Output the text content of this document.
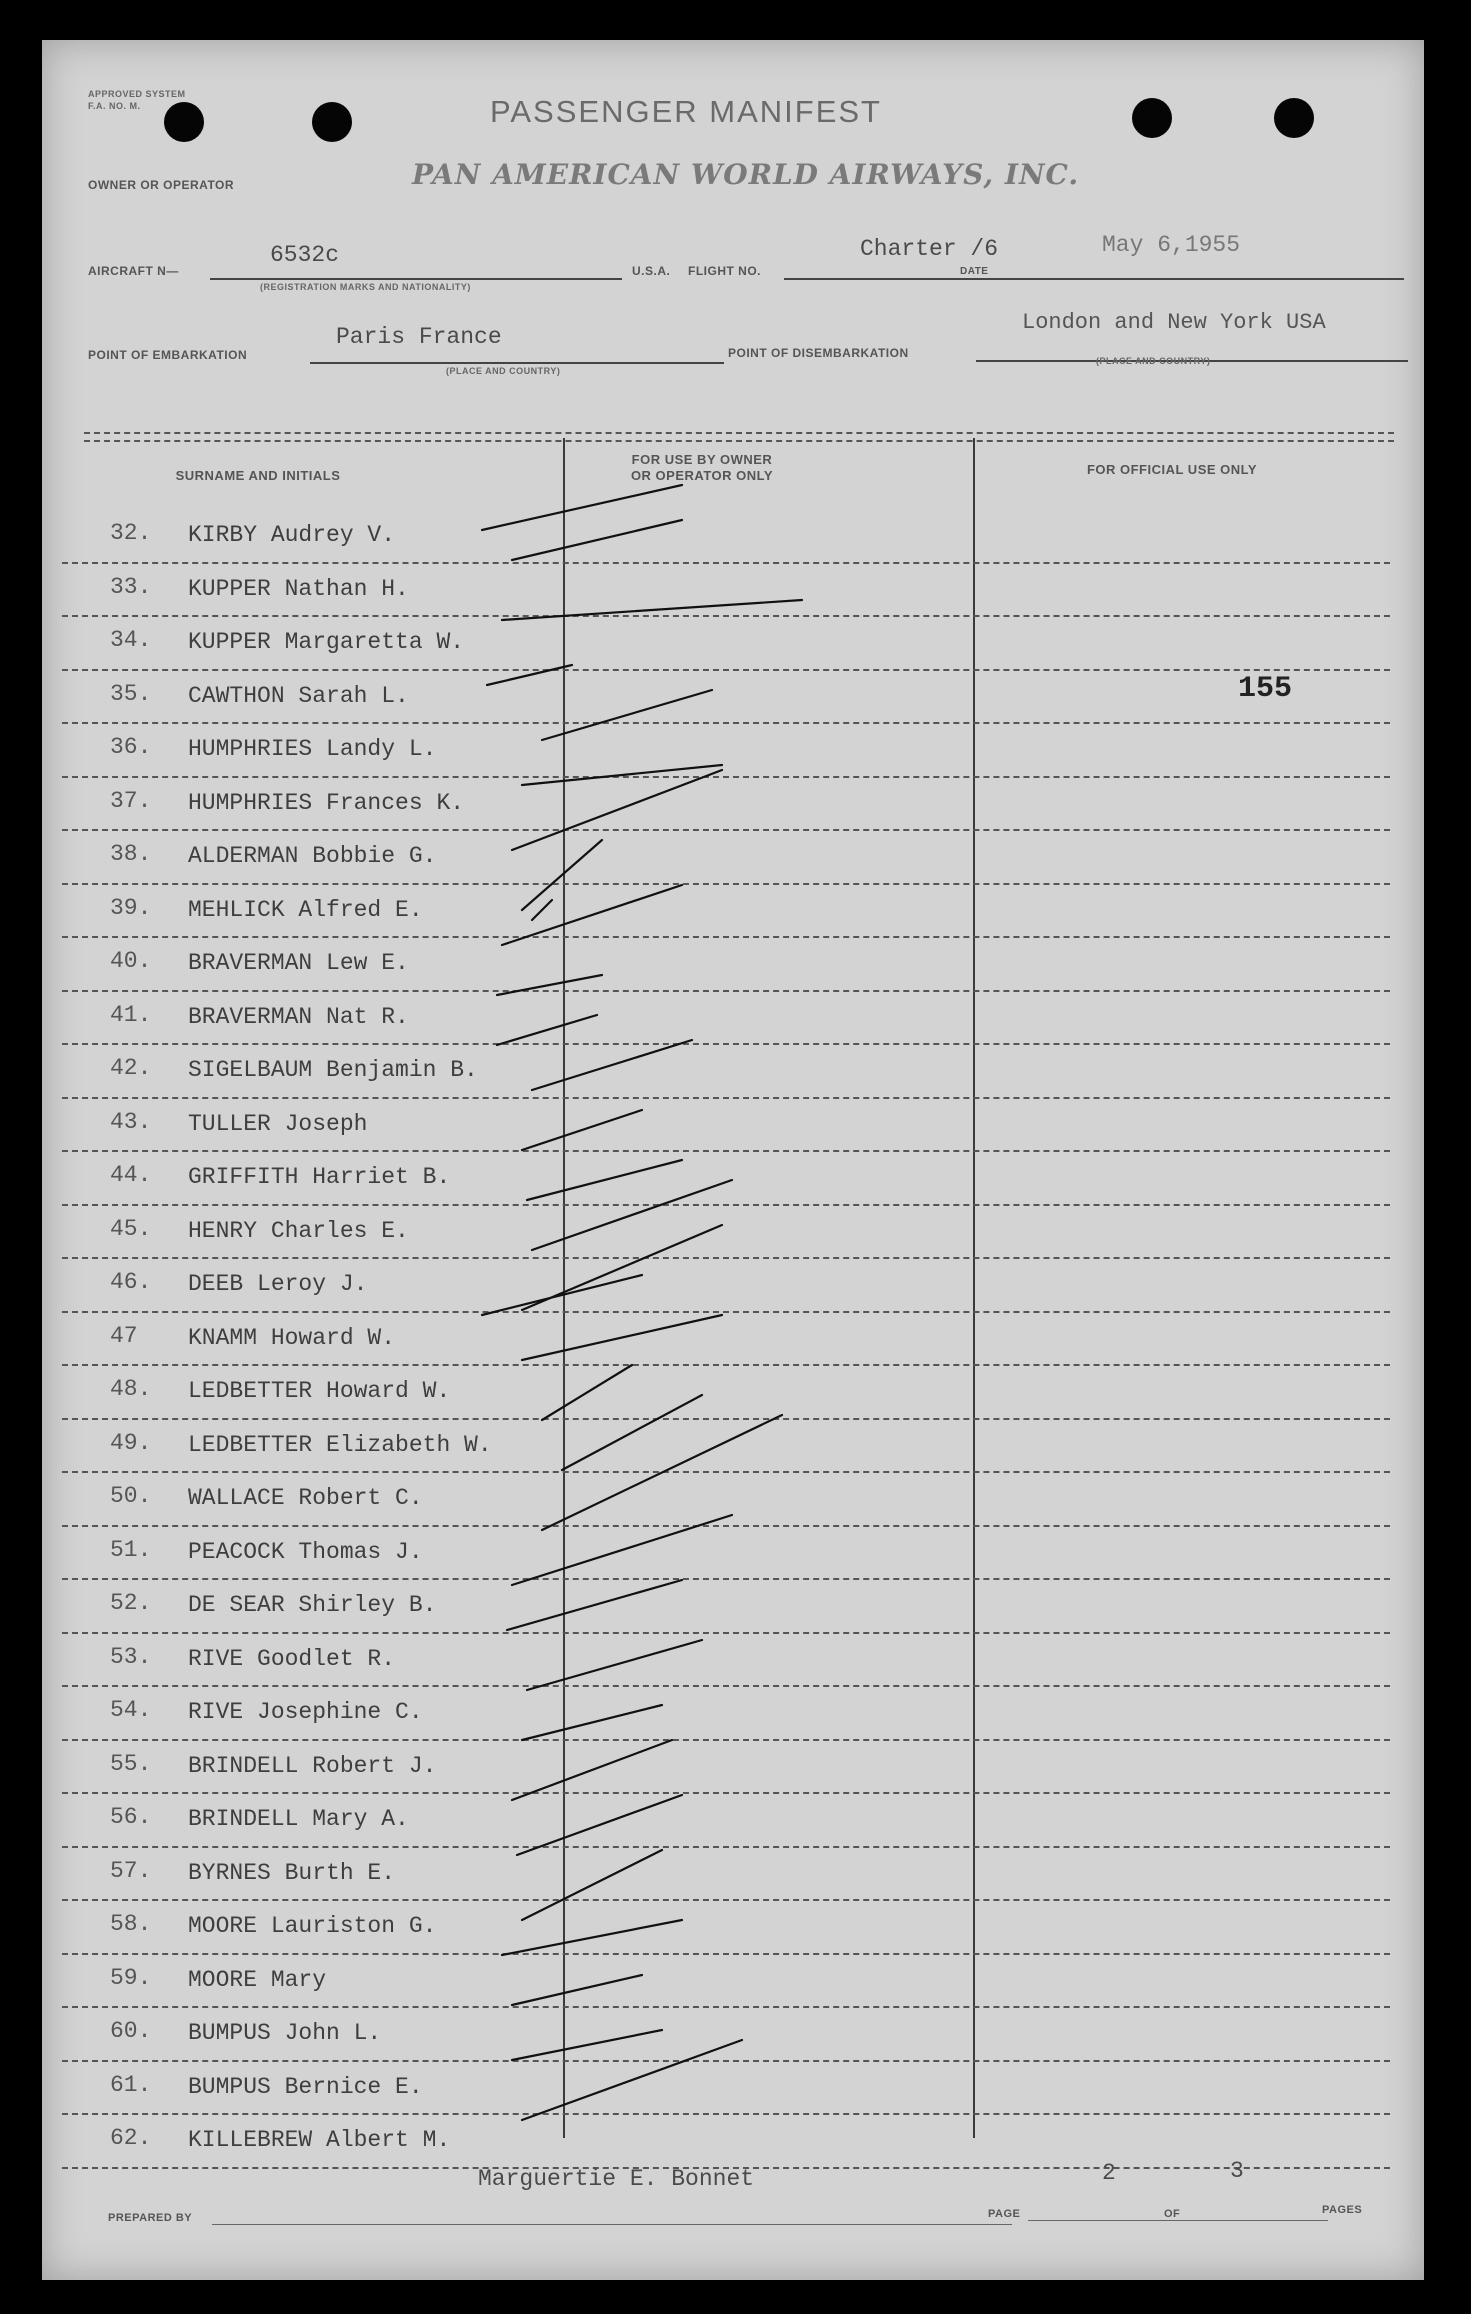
APPROVED SYSTEM F.A. NO. M.	PASSENGER MANIFEST
PAN AMERICAN WORLD AIRWAYS, INC.
OWNER OR OPERATOR
AIRCRAFT N—
6532c
(REGISTRATION MARKS AND NATIONALITY)
U.S.A. FLIGHT NO.
Charter /6
DATE
May 6,1955
POINT OF EMBARKATION
Paris France
(PLACE AND COUNTRY)
POINT OF DISEMBARKATION
London and New York USA
(PLACE AND COUNTRY)
SURNAME AND INITIALS
FOR USE BY OWNER
OR OPERATOR ONLY	FOR OFFICIAL USE ONLY
32. KIRBY Audrey V.
33. KUPPER Nathan H.
34. KUPPER Margaretta W.
35. CAWTHON Sarah L.
36. HUMPHRIES Landy L.
37. HUMPHRIES Frances K.
38. ALDERMAN Bobbie G.
39. MEHLICK Alfred E.
40. BRAVERMAN Lew E.
41. BRAVERMAN Nat R.
42. SIGELBAUM Benjamin B.
43. TULLER Joseph
44. GRIFFITH Harriet B.
45. HENRY Charles E.
46. DEEB Leroy J.
47 KNAMM Howard W.
48. LEDBETTER Howard W.
49. LEDBETTER Elizabeth W.
50. WALLACE Robert C.
51. PEACOCK Thomas J.
52. DE SEAR Shirley B.
53. RIVE Goodlet R.
54. RIVE Josephine C.
55. BRINDELL Robert J.
56. BRINDELL Mary A.
57. BYRNES Burth E.
58. MOORE Lauriston G.
59. MOORE Mary
60. BUMPUS John L.
61. BUMPUS Bernice E.
62. KILLEBREW Albert M.
155
PREPARED BY
Marguertie E. Bonnet
PAGE
2
OF
3
PAGES
